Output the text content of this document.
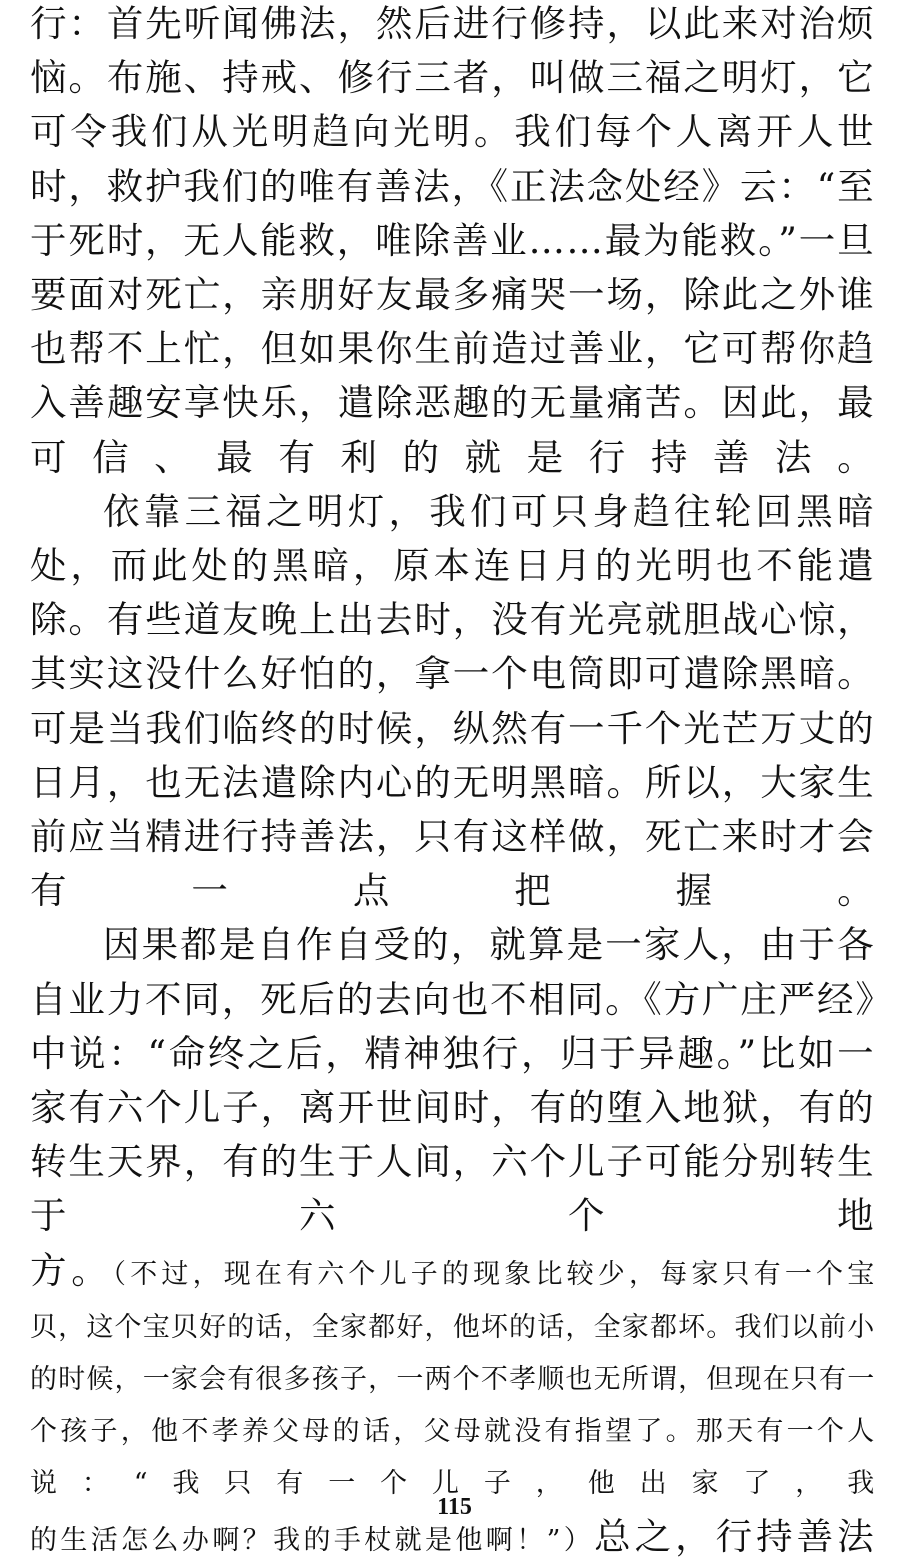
行：首先听闻佛法，然后进行修持，以此来对治烦恼。布施、持戒、修行三者，叫做三福之明灯，它可令我们从光明趋向光明。我们每个人离开人世时，救护我们的唯有善法，《正法念处经》云：“至于死时，无人能救，唯除善业……最为能救。”一旦要面对死亡，亲朋好友最多痛哭一场，除此之外谁也帮不上忙，但如果你生前造过善业，它可帮你趋入善趣安享快乐，遣除恶趣的无量痛苦。因此，最可信、最有利的就是行持善法。

依靠三福之明灯，我们可只身趋往轮回黑暗处，而此处的黑暗，原本连日月的光明也不能遣除。有些道友晚上出去时，没有光亮就胆战心惊，其实这没什么好怕的，拿一个电筒即可遣除黑暗。可是当我们临终的时候，纵然有一千个光芒万丈的日月，也无法遣除内心的无明黑暗。所以，大家生前应当精进行持善法，只有这样做，死亡来时才会有一点把握。

因果都是自作自受的，就算是一家人，由于各自业力不同，死后的去向也不相同。《方广庄严经》中说：“命终之后，精神独行，归于异趣。”比如一家有六个儿子，离开世间时，有的堕入地狱，有的转生天界，有的生于人间，六个儿子可能分别转生于六个地

方。（不过，现在有六个儿子的现象比较少，每家只有一个宝

贝，这个宝贝好的话，全家都好，他坏的话，全家都坏。我们以前小的时候，一家会有很多孩子，一两个不孝顺也无所谓，但现在只有一个孩子，他不孝养父母的话，父母就没有指望了。那天有一个人说：“我只有一个儿子，他出家了，我

的生活怎么办啊？我的手杖就是他啊！”）总之，行持善法

115
